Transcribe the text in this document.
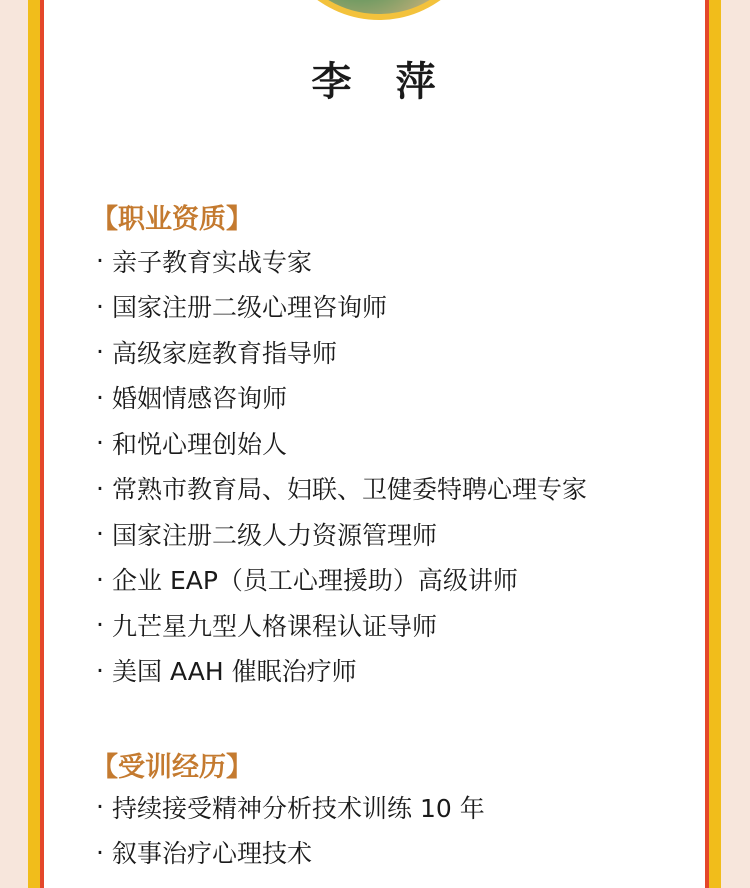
李　萍
【职业资质】
· 亲子教育实战专家
· 国家注册二级心理咨询师
· 高级家庭教育指导师
· 婚姻情感咨询师
· 和悦心理创始人
· 常熟市教育局、妇联、卫健委特聘心理专家
· 国家注册二级人力资源管理师
· 企业 EAP（员工心理援助）高级讲师
· 九芒星九型人格课程认证导师
· 美国 AAH 催眠治疗师
【受训经历】
· 持续接受精神分析技术训练 10 年
· 叙事治疗心理技术
